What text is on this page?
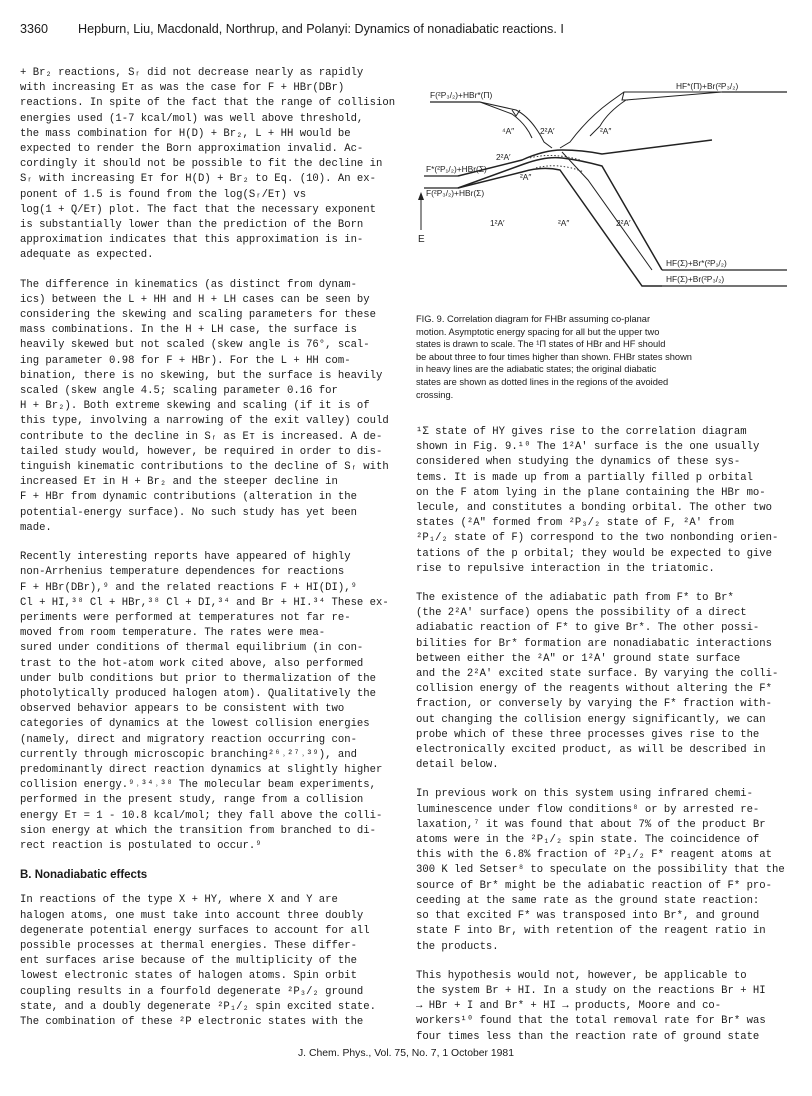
3360 Hepburn, Liu, Macdonald, Northrup, and Polanyi: Dynamics of nonadiabatic reactions. I

+ Br₂ reactions, Sᵣ did not decrease nearly as rapidly

with increasing Eᴛ as was the case for F + HBr(DBr)

reactions. In spite of the fact that the range of collision

energies used (1-7 kcal/mol) was well above threshold,

the mass combination for H(D) + Br₂, L + HH would be

expected to render the Born approximation invalid. Ac-

cordingly it should not be possible to fit the decline in

Sᵣ with increasing Eᴛ for H(D) + Br₂ to Eq. (10). An ex-

ponent of 1.5 is found from the log(Sᵣ/Eᴛ) vs

log(1 + Q/Eᴛ) plot. The fact that the necessary exponent

is substantially lower than the prediction of the Born

approximation indicates that this approximation is in-

adequate as expected.

The difference in kinematics (as distinct from dynam-

ics) between the L + HH and H + LH cases can be seen by

considering the skewing and scaling parameters for these

mass combinations. In the H + LH case, the surface is

heavily skewed but not scaled (skew angle is 76°, scal-

ing parameter 0.98 for F + HBr). For the L + HH com-

bination, there is no skewing, but the surface is heavily

scaled (skew angle 4.5; scaling parameter 0.16 for

H + Br₂). Both extreme skewing and scaling (if it is of

this type, involving a narrowing of the exit valley) could

contribute to the decline in Sᵣ as Eᴛ is increased. A de-

tailed study would, however, be required in order to dis-

tinguish kinematic contributions to the decline of Sᵣ with

increased Eᴛ in H + Br₂ and the steeper decline in

F + HBr from dynamic contributions (alteration in the

potential-energy surface). No such study has yet been

made.

Recently interesting reports have appeared of highly

non-Arrhenius temperature dependences for reactions

F + HBr(DBr),⁹ and the related reactions F + HI(DI),⁹

Cl + HI,³⁸ Cl + HBr,³⁸ Cl + DI,³⁴ and Br + HI.³⁴ These ex-

periments were performed at temperatures not far re-

moved from room temperature. The rates were mea-

sured under conditions of thermal equilibrium (in con-

trast to the hot-atom work cited above, also performed

under bulb conditions but prior to thermalization of the

photolytically produced halogen atom). Qualitatively the

observed behavior appears to be consistent with two

categories of dynamics at the lowest collision energies

(namely, direct and migratory reaction occurring con-

currently through microscopic branching²⁶˒²⁷˒³⁹), and

predominantly direct reaction dynamics at slightly higher

collision energy.⁹˒³⁴˒³⁸ The molecular beam experiments,

performed in the present study, range from a collision

energy Eᴛ = 1 - 10.8 kcal/mol; they fall above the colli-

sion energy at which the transition from branched to di-

rect reaction is postulated to occur.⁹

B. Nonadiabatic effects

In reactions of the type X + HY, where X and Y are

halogen atoms, one must take into account three doubly

degenerate potential energy surfaces to account for all

possible processes at thermal energies. These differ-

ent surfaces arise because of the multiplicity of the

lowest electronic states of halogen atoms. Spin orbit

coupling results in a fourfold degenerate ²P₃/₂ ground

state, and a doubly degenerate ²P₁/₂ spin excited state.

The combination of these ²P electronic states with the

E
F(²P₃/₂)+HBr*(Π)
HF*(Π)+Br(²P₃/₂)
F*(²P₁/₂)+HBr(Σ)
F(²P₃/₂)+HBr(Σ)
HF(Σ)+Br*(²P₁/₂)
HF(Σ)+Br(²P₃/₂)
⁴A″	2²A′	²A″
2²A′
²A″
1²A′	²A″	2²A′

FIG. 9. Correlation diagram for FHBr assuming co-planar

motion. Asymptotic energy spacing for all but the upper two

states is drawn to scale. The ¹Π states of HBr and HF should

be about three to four times higher than shown. FHBr states shown

in heavy lines are the adiabatic states; the original diabatic

states are shown as dotted lines in the regions of the avoided

crossing.

¹Σ state of HY gives rise to the correlation diagram

shown in Fig. 9.¹⁰ The 1²A′ surface is the one usually

considered when studying the dynamics of these sys-

tems. It is made up from a partially filled p orbital

on the F atom lying in the plane containing the HBr mo-

lecule, and constitutes a bonding orbital. The other two

states (²A″ formed from ²P₃/₂ state of F, ²A′ from

²P₁/₂ state of F) correspond to the two nonbonding orien-

tations of the p orbital; they would be expected to give

rise to repulsive interaction in the triatomic.

The existence of the adiabatic path from F* to Br*

(the 2²A′ surface) opens the possibility of a direct

adiabatic reaction of F* to give Br*. The other possi-

bilities for Br* formation are nonadiabatic interactions

between either the ²A″ or 1²A′ ground state surface

and the 2²A′ excited state surface. By varying the colli-

collision energy of the reagents without altering the F*

fraction, or conversely by varying the F* fraction with-

out changing the collision energy significantly, we can

probe which of these three processes gives rise to the

electronically excited product, as will be described in

detail below.

In previous work on this system using infrared chemi-

luminescence under flow conditions⁸ or by arrested re-

laxation,⁷ it was found that about 7% of the product Br

atoms were in the ²P₁/₂ spin state. The coincidence of

this with the 6.8% fraction of ²P₁/₂ F* reagent atoms at

300 K led Setser⁸ to speculate on the possibility that the

source of Br* might be the adiabatic reaction of F* pro-

ceeding at the same rate as the ground state reaction:

so that excited F* was transposed into Br*, and ground

state F into Br, with retention of the reagent ratio in

the products.

This hypothesis would not, however, be applicable to

the system Br + HI. In a study on the reactions Br + HI

→ HBr + I and Br* + HI → products, Moore and co-

workers¹⁰ found that the total removal rate for Br* was

four times less than the reaction rate of ground state

J. Chem. Phys., Vol. 75, No. 7, 1 October 1981
